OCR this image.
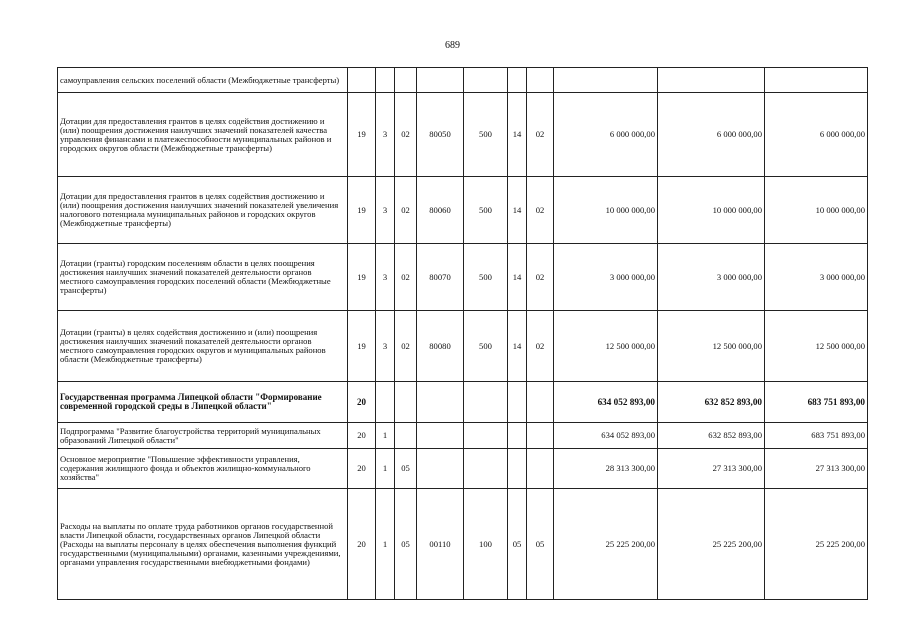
689
самоуправления сельских поселений области (Межбюджетные трансферты)										
Дотации для предоставления грантов в целях содействия достижению и (или) поощрения достижения наилучших значений показателей качества управления финансами и платежеспособности муниципальных районов и городских округов области (Межбюджетные трансферты)	19	3	02	80050	500	14	02	6 000 000,00	6 000 000,00	6 000 000,00
Дотации для предоставления грантов в целях содействия достижению и (или) поощрения достижения наилучших значений показателей увеличения налогового потенциала муниципальных районов и городских округов (Межбюджетные трансферты)	19	3	02	80060	500	14	02	10 000 000,00	10 000 000,00	10 000 000,00
Дотации (гранты) городским поселениям области в целях поощрения достижения наилучших значений показателей деятельности органов местного самоуправления городских поселений области (Межбюджетные трансферты)	19	3	02	80070	500	14	02	3 000 000,00	3 000 000,00	3 000 000,00
Дотации (гранты) в целях содействия достижению и (или) поощрения достижения наилучших значений показателей деятельности органов местного самоуправления городских округов и муниципальных районов области (Межбюджетные трансферты)	19	3	02	80080	500	14	02	12 500 000,00	12 500 000,00	12 500 000,00
Государственная программа Липецкой области "Формирование современной городской среды в Липецкой области"	20							634 052 893,00	632 852 893,00	683 751 893,00
Подпрограмма "Развитие благоустройства территорий муниципальных образований Липецкой области"	20	1						634 052 893,00	632 852 893,00	683 751 893,00
Основное мероприятие "Повышение эффективности управления, содержания жилищного фонда и объектов жилищно-коммунального хозяйства"	20	1	05					28 313 300,00	27 313 300,00	27 313 300,00
Расходы на выплаты по оплате труда работников органов государственной власти Липецкой области, государственных органов Липецкой области (Расходы на выплаты персоналу в целях обеспечения выполнения функций государственными (муниципальными) органами, казенными учреждениями, органами управления государственными внебюджетными фондами)	20	1	05	00110	100	05	05	25 225 200,00	25 225 200,00	25 225 200,00
